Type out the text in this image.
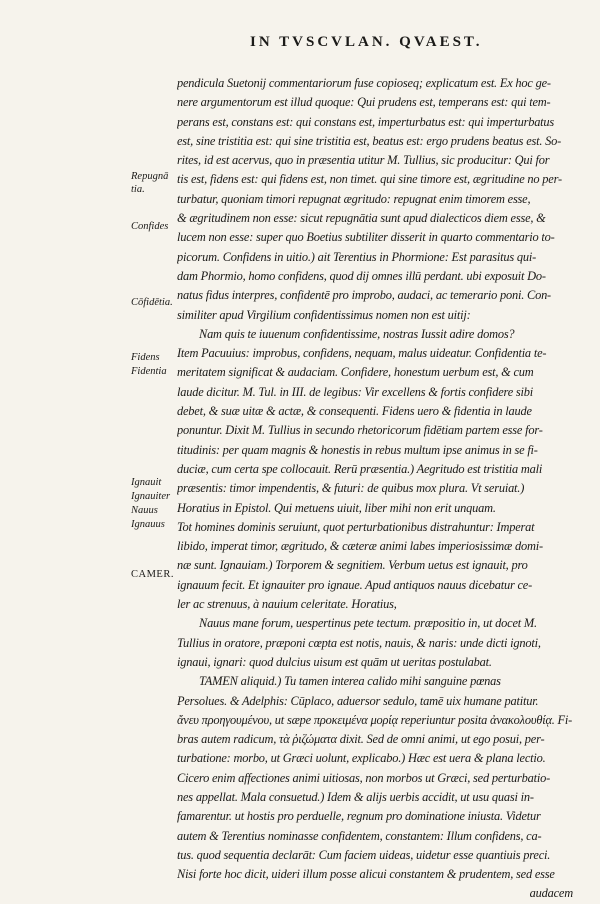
IN TVSCVLAN. QVAEST.
Repugnā
tia.
Confides
Cōfidētia.
Fidens
Fidentia
Ignauit
Ignauiter
Nauus
Ignauus
CAMER.
pendicula Suetonij commentariorum fuse copioseq; explicatum est. Ex hoc ge-
nere argumentorum est illud quoque: Qui prudens est, temperans est: qui tem-
perans est, constans est: qui constans est, imperturbatus est: qui imperturbatus
est, sine tristitia est: qui sine tristitia est, beatus est: ergo prudens beatus est. So-
rites, id est acervus, quo in præsentia utitur M. Tullius, sic producitur: Qui for
tis est, fidens est: qui fidens est, non timet. qui sine timore est, ægritudine no per-
turbatur, quoniam timori repugnat ægritudo: repugnat enim timorem esse,
& ægritudinem non esse: sicut repugnātia sunt apud dialecticos diem esse, &
lucem non esse: super quo Boetius subtiliter disserit in quarto commentario to-
picorum. Confidens in uitio.) ait Terentius in Phormione: Est parasitus qui-
dam Phormio, homo confidens, quod dij omnes illū perdant. ubi exposuit Do-
natus fidus interpres, confidentē pro improbo, audaci, ac temerario poni. Con-
similiter apud Virgilium confidentissimus nomen non est uitij:
Nam quis te iuuenum confidentissime, nostras Iussit adire domos?
Item Pacuuius: improbus, confidens, nequam, malus uideatur. Confidentia te-
meritatem significat & audaciam. Confidere, honestum uerbum est, & cum
laude dicitur. M. Tul. in III. de legibus: Vir excellens & fortis confidere sibi
debet, & suæ uitæ & actæ, & consequenti. Fidens uero & fidentia in laude
ponuntur. Dixit M. Tullius in secundo rhetoricorum fidētiam partem esse for-
titudinis: per quam magnis & honestis in rebus multum ipse animus in se fi-
duciæ, cum certa spe collocauit. Rerū præsentia.) Aegritudo est tristitia mali
præsentis: timor impendentis, & futuri: de quibus mox plura. Vt seruiat.)
Horatius in Epistol. Qui metuens uiuit, liber mihi non erit unquam.
Tot homines dominis seruiunt, quot perturbationibus distrahuntur: Imperat
libido, imperat timor, ægritudo, & cæteræ animi labes imperiosissimæ domi-
næ sunt. Ignauiam.) Torporem & segnitiem. Verbum uetus est ignauit, pro
ignauum fecit. Et ignauiter pro ignaue. Apud antiquos nauus dicebatur ce-
ler ac strenuus, à nauium celeritate. Horatius,
Nauus mane forum, uespertinus pete tectum. præpositio in, ut docet M.
Tullius in oratore, præponi cœpta est notis, nauis, & naris: unde dicti ignoti,
ignaui, ignari: quod dulcius uisum est quām ut ueritas postulabat.
TAMEN aliquid.) Tu tamen interea calido mihi sanguine pœnas
Persolues. & Adelphis: Cūplaco, aduersor sedulo, tamē uix humane patitur.
ἄνευ προηγουμένου, ut sæpe προκειμένα μορίᾳ reperiuntur posita ἀνακολουθίᾳ. Fi-
bras autem radicum, τὰ ῥιζώματα dixit. Sed de omni animi, ut ego posui, per-
turbatione: morbo, ut Græci uolunt, explicabo.) Hæc est uera & plana lectio.
Cicero enim affectiones animi uitiosas, non morbos ut Græci, sed perturbatio-
nes appellat. Mala consuetud.) Idem & alijs uerbis accidit, ut usu quasi in-
famarentur. ut hostis pro perduelle, regnum pro dominatione iniusta. Videtur
autem & Terentius nominasse confidentem, constantem: Illum confidens, ca-
tus. quod sequentia declarāt: Cum faciem uideas, uidetur esse quantiuis preci.
Nisi forte hoc dicit, uideri illum posse alicui constantem & prudentem, sed esse
audacem
